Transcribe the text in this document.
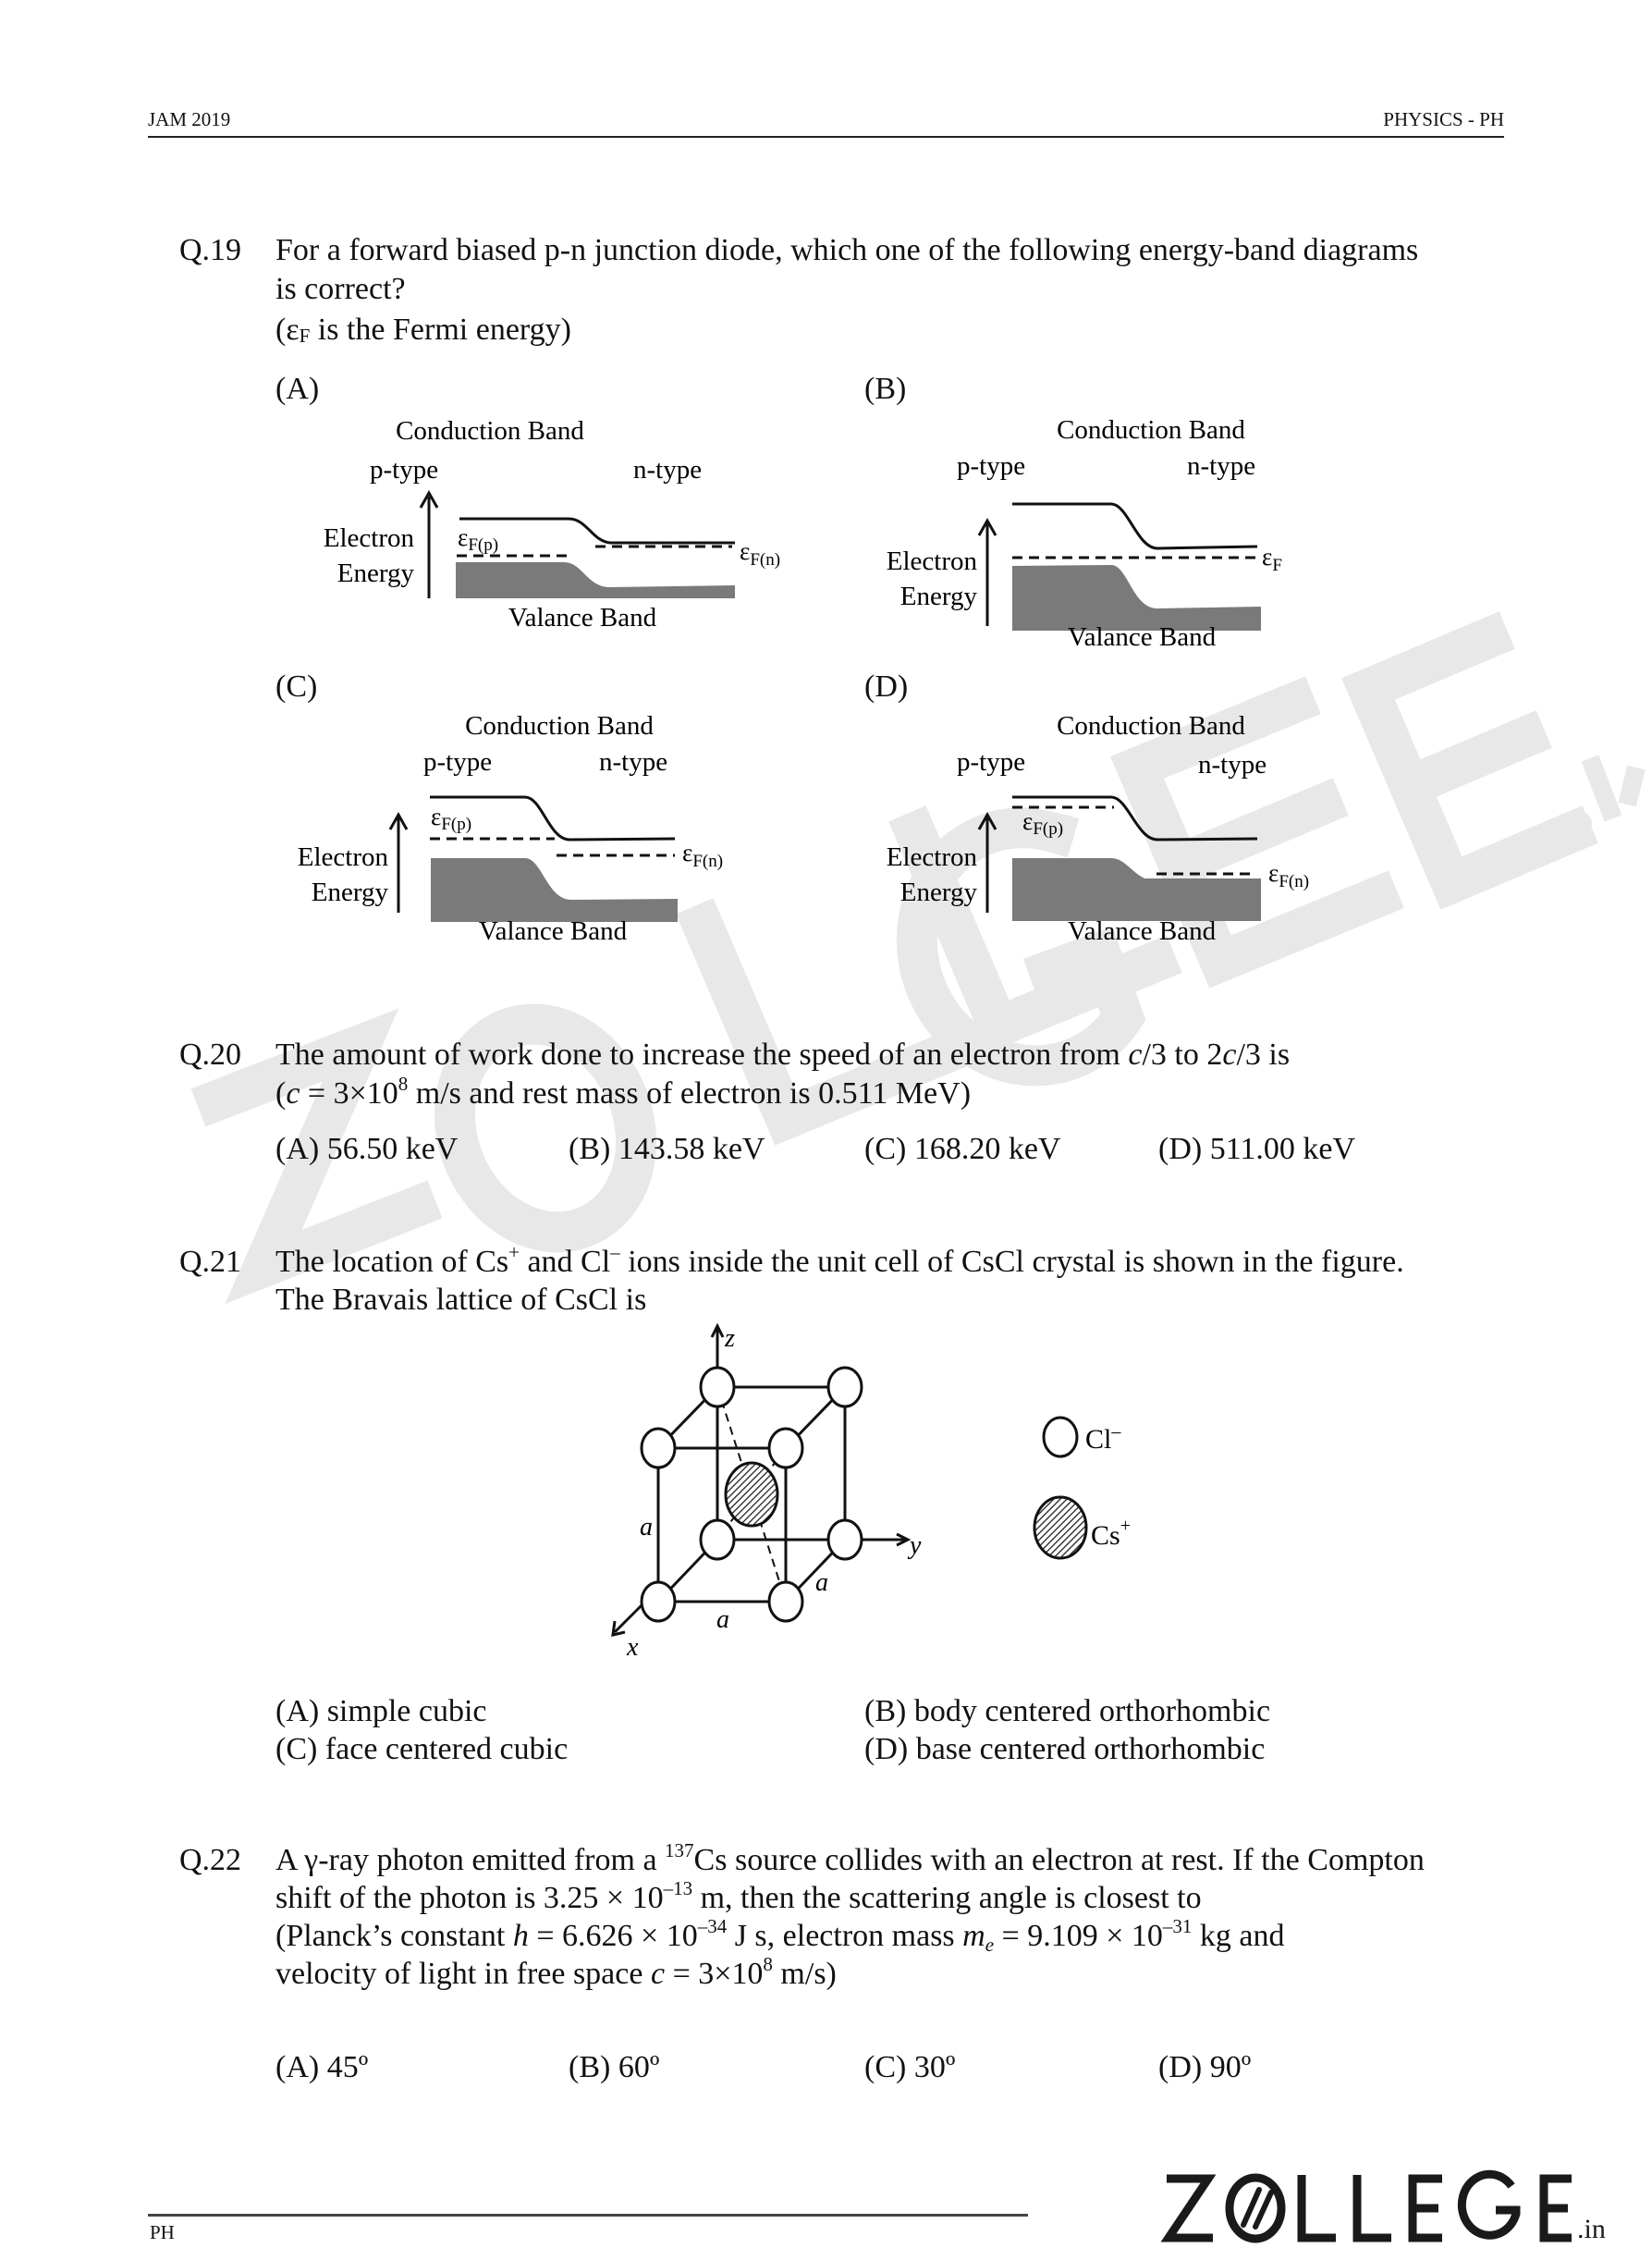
JAM 2019	PHYSICS - PH
Q.19 For a forward biased p-n junction diode, which one of the following energy-band diagrams
is correct?
(εF is the Fermi energy)
(A)	(B)
(C)	(D)
Conduction Band
p-type	n-type
Electron
Energy
εF(p)	$\varepsilon_{F(n)}$
Valance Band
Conduction Band
p-type	n-type
Electron
Energy
$\varepsilon_F$
Valance Band
Conduction Band
p-type	n-type
Electron
Energy
εF(p)
$\varepsilon_{F(n)}$
Valance Band
Conduction Band
p-type	n-type
Electron
Energy
εF(p)
$\varepsilon_{F(n)}$
Valance Band
Q.20 The amount of work done to increase the speed of an electron from c/3 to 2c/3 is
($c = 3\times 10^8$ m/s and rest mass of electron is 0.511 MeV)
(A) 56.50 keV	(B) 143.58 keV	(C) 168.20 keV	(D) 511.00 keV
Q.21 The location of Cs+ and Cl– ions inside the unit cell of CsCl crystal is shown in the figure.
The Bravais lattice of CsCl is
z
y
x
a
a
a
Cl–
Cs+
(A) simple cubic	(B) body centered orthorhombic
(C) face centered cubic	(D) base centered orthorhombic
Q.22 A γ-ray photon emitted from a $^{137}$Cs source collides with an electron at rest. If the Compton
shift of the photon is $3.25 \times 10^{-13}$ m, then the scattering angle is closest to
(Planck’s constant $h = 6.626 \times 10^{-34}$ J s, electron mass $m_e = 9.109 \times 10^{-31}$ kg and
velocity of light in free space $c = 3\times 10^8$ m/s)
(A) 45º	(B) 60º	(C) 30º	(D) 90º
PH	.in
